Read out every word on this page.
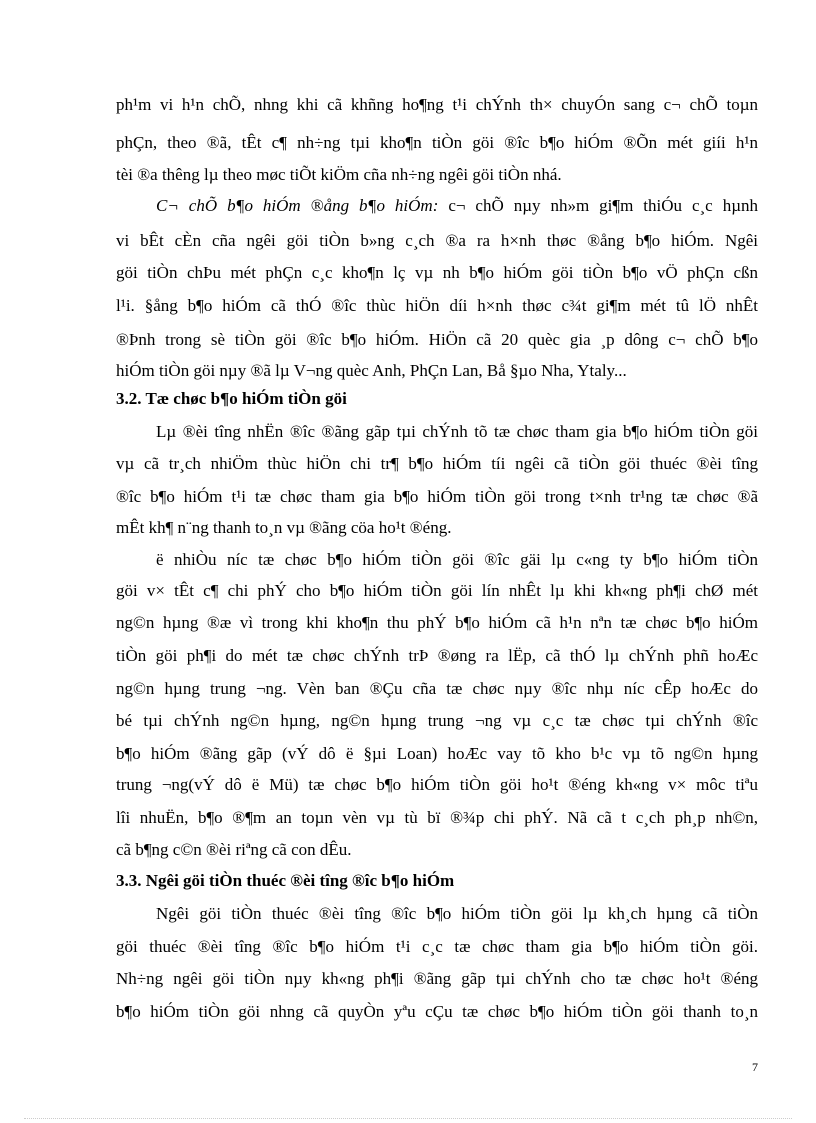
ph¹m vi h¹n chÕ, nhng khi cã khñng ho¶ng t¹i chÝnh th× chuyÓn sang c¬ chÕ toµn
phÇn, theo ®ã, tÊt c¶ nh÷ng tµi kho¶n tiÒn göi ®îc b¶o hiÓm ®Õn mét giíi h¹n
tèi ®a thêng lµ theo møc tiÕt kiÖm cña nh÷ng ngêi göi tiÒn nhá.
C¬ chÕ b¶o hiÓm ®ång b¶o hiÓm: c¬ chÕ nµy nh»m gi¶m thiÓu c¸c hµnh
vi bÊt cÈn cña ngêi göi tiÒn b»ng c¸ch ®a ra h×nh thøc ®ång b¶o hiÓm. Ngêi
göi tiÒn chÞu mét phÇn c¸c kho¶n lç vµ nh b¶o hiÓm göi tiÒn b¶o vÖ phÇn cßn
l¹i. §ång b¶o hiÓm cã thÓ ®îc thùc hiÖn díi h×nh thøc c¾t gi¶m mét tû lÖ nhÊt
®Þnh trong sè tiÒn göi ®îc b¶o hiÓm. HiÖn cã 20 quèc gia ¸p dông c¬ chÕ b¶o
hiÓm tiÒn göi nµy ®ã lµ V¬ng quèc Anh, PhÇn Lan, Bå §µo Nha, Ytaly...
3.2. Tæ chøc b¶o hiÓm tiÒn göi
Lµ ®èi tîng nhËn ®îc ®ãng gãp tµi chÝnh tõ tæ chøc tham gia b¶o hiÓm tiÒn göi
vµ cã tr¸ch nhiÖm thùc hiÖn chi tr¶ b¶o hiÓm tíi ngêi cã tiÒn göi thuéc ®èi tîng
®îc b¶o hiÓm t¹i tæ chøc tham gia b¶o hiÓm tiÒn göi trong t×nh tr¹ng tæ chøc ®ã
mÊt kh¶ n¨ng thanh to¸n vµ ®ãng cöa ho¹t ®éng.
ë nhiÒu níc tæ chøc b¶o hiÓm tiÒn göi ®îc gäi lµ c«ng ty b¶o hiÓm tiÒn
göi v× tÊt c¶ chi phÝ cho b¶o hiÓm tiÒn göi lín nhÊt lµ khi kh«ng ph¶i chØ mét
ng©n hµng ®æ vì trong khi kho¶n thu phÝ b¶o hiÓm cã h¹n nªn tæ chøc b¶o hiÓm
tiÒn göi ph¶i do mét tæ chøc chÝnh trÞ ®øng ra lËp, cã thÓ lµ chÝnh phñ hoÆc
ng©n hµng trung ¬ng. Vèn ban ®Çu cña tæ chøc nµy ®îc nhµ níc cÊp hoÆc do
bé tµi chÝnh ng©n hµng, ng©n hµng trung ¬ng vµ c¸c tæ chøc tµi chÝnh ®îc
b¶o hiÓm ®ãng gãp (vÝ dô ë §µi Loan) hoÆc vay tõ kho b¹c vµ tõ ng©n hµng
trung ¬ng(vÝ dô ë Mü) tæ chøc b¶o hiÓm tiÒn göi ho¹t ®éng kh«ng v× môc tiªu
lîi nhuËn, b¶o ®¶m an toµn vèn vµ tù bï ®¾p chi phÝ. Nã cã t c¸ch ph¸p nh©n,
cã b¶ng c©n ®èi riªng cã con dÊu.
3.3. Ngêi göi tiÒn thuéc ®èi tîng ®îc b¶o hiÓm
Ngêi göi tiÒn thuéc ®èi tîng ®îc b¶o hiÓm tiÒn göi lµ kh¸ch hµng cã tiÒn
göi thuéc ®èi tîng ®îc b¶o hiÓm t¹i c¸c tæ chøc tham gia b¶o hiÓm tiÒn göi.
Nh÷ng ngêi göi tiÒn nµy kh«ng ph¶i ®ãng gãp tµi chÝnh cho tæ chøc ho¹t ®éng
b¶o hiÓm tiÒn göi nhng cã quyÒn yªu cÇu tæ chøc b¶o hiÓm tiÒn göi thanh to¸n
7
